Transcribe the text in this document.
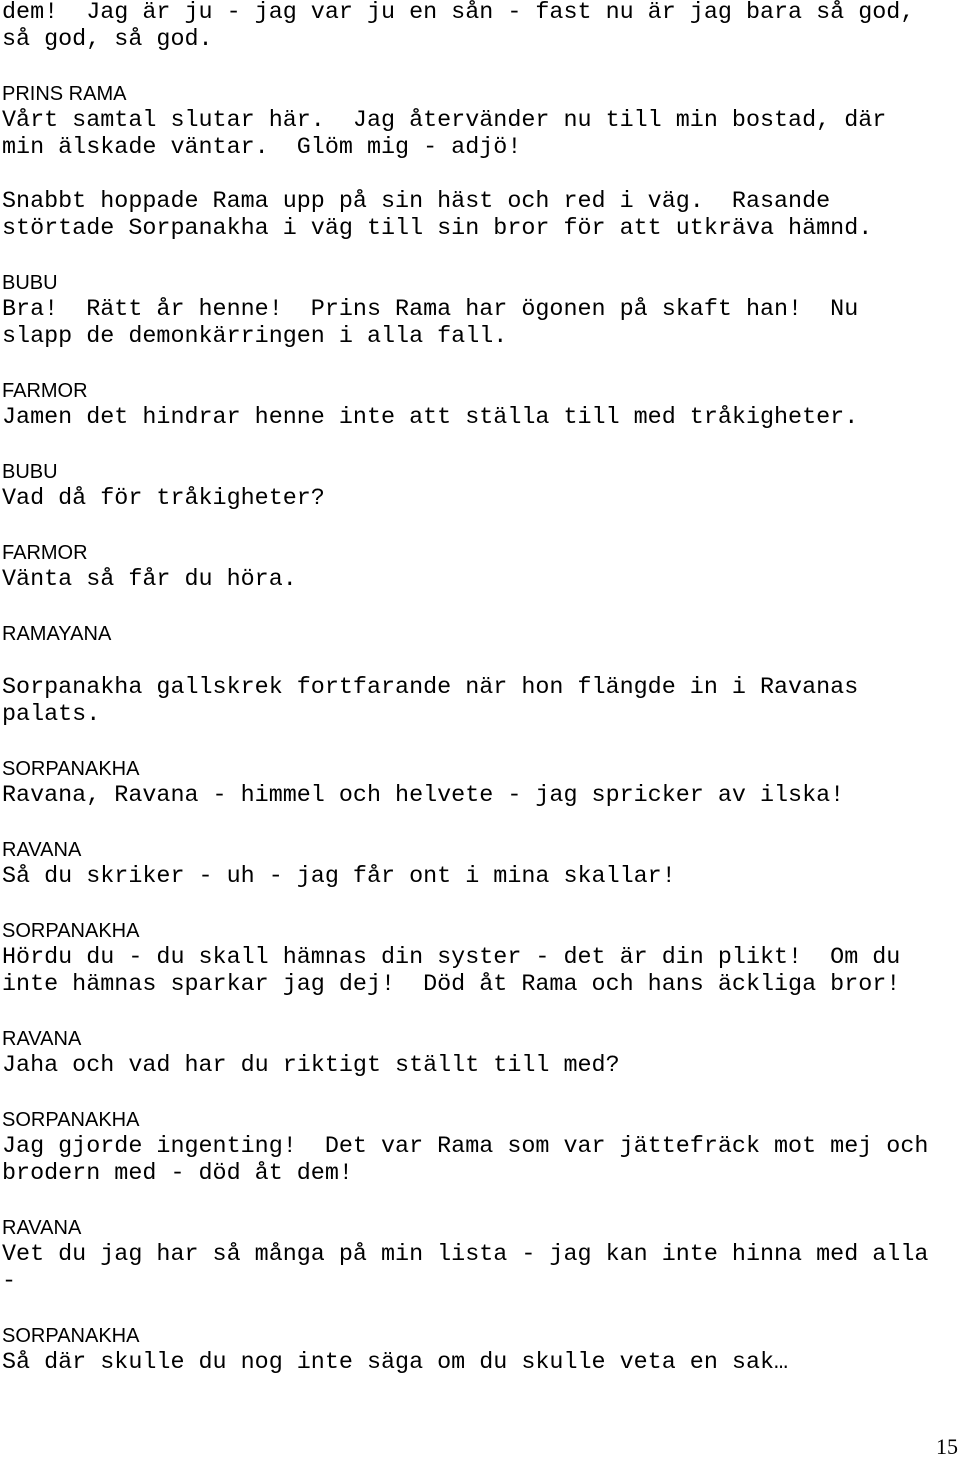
dem!  Jag är ju - jag var ju en sån - fast nu är jag bara så god,
så god, så god.
PRINS RAMA
Vårt samtal slutar här.  Jag återvänder nu till min bostad, där
min älskade väntar.  Glöm mig - adjö!
Snabbt hoppade Rama upp på sin häst och red i väg.  Rasande
störtade Sorpanakha i väg till sin bror för att utkräva hämnd.
BUBU
Bra!  Rätt år henne!  Prins Rama har ögonen på skaft han!  Nu
slapp de demonkärringen i alla fall.
FARMOR
Jamen det hindrar henne inte att ställa till med tråkigheter.
BUBU
Vad då för tråkigheter?
FARMOR
Vänta så får du höra.
RAMAYANA
Sorpanakha gallskrek fortfarande när hon flängde in i Ravanas
palats.
SORPANAKHA
Ravana, Ravana - himmel och helvete - jag spricker av ilska!
RAVANA
Så du skriker - uh - jag får ont i mina skallar!
SORPANAKHA
Hördu du - du skall hämnas din syster - det är din plikt!  Om du
inte hämnas sparkar jag dej!  Död åt Rama och hans äckliga bror!
RAVANA
Jaha och vad har du riktigt ställt till med?
SORPANAKHA
Jag gjorde ingenting!  Det var Rama som var jättefräck mot mej och
brodern med - död åt dem!
RAVANA
Vet du jag har så många på min lista - jag kan inte hinna med alla
-
SORPANAKHA
Så där skulle du nog inte säga om du skulle veta en sak…
15
